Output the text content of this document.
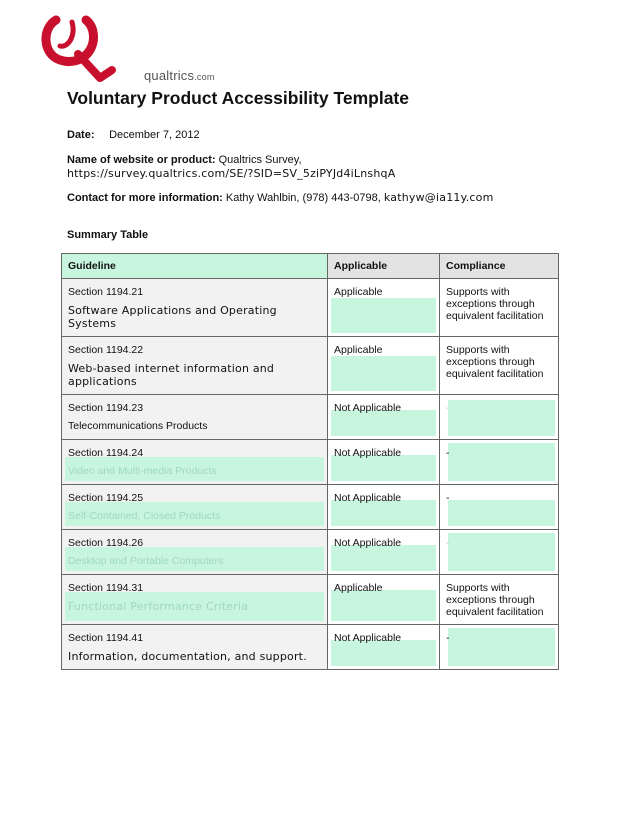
qualtrics.com
Voluntary Product Accessibility Template
Date: December 7, 2012
Name of website or product: Qualtrics Survey,
https://survey.qualtrics.com/SE/?SID=SV_5ziPYJd4iLnshqA
Contact for more information: Kathy Wahlbin, (978) 443-0798, kathyw@ia11y.com
Summary Table
Guideline	Applicable	Compliance

Section 1194.21
Software Applications and Operating Systems	Applicable	Supports with exceptions through equivalent facilitation

Section 1194.22
Web-based internet information and applications	Applicable	Supports with exceptions through equivalent facilitation

Section 1194.23
Telecommunications Products	Not Applicable	-

Section 1194.24
Video and Multi-media Products	Not Applicable	-

Section 1194.25
Self-Contained, Closed Products	Not Applicable	-

Section 1194.26
Desktop and Portable Computers	Not Applicable	-

Section 1194.31
Functional Performance Criteria	Applicable	Supports with exceptions through equivalent facilitation

Section 1194.41
Information, documentation, and support.	Not Applicable	-
